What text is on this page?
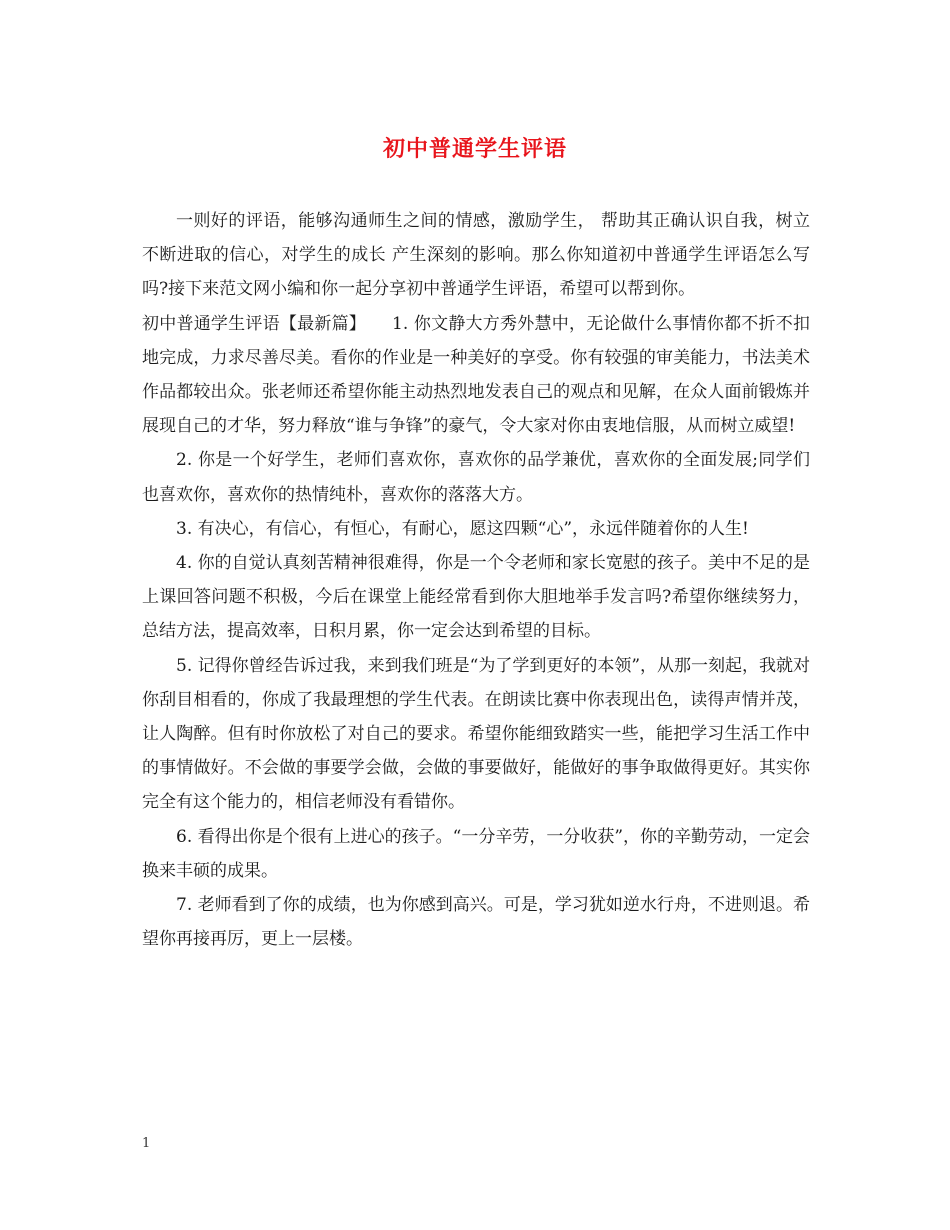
初中普通学生评语

一则好的评语，能够沟通师生之间的情感，激励学生， 帮助其正确认识自我，树立不断进取的信心，对学生的成长 产生深刻的影响。那么你知道初中普通学生评语怎么写吗?接下来范文网小编和你一起分享初中普通学生评语，希望可以帮到你。

初中普通学生评语【最新篇】　　1. 你文静大方秀外慧中，无论做什么事情你都不折不扣地完成，力求尽善尽美。看你的作业是一种美好的享受。你有较强的审美能力，书法美术作品都较出众。张老师还希望你能主动热烈地发表自己的观点和见解，在众人面前锻炼并展现自己的才华，努力释放“谁与争锋”的豪气，令大家对你由衷地信服，从而树立威望!

2. 你是一个好学生，老师们喜欢你，喜欢你的品学兼优，喜欢你的全面发展;同学们也喜欢你，喜欢你的热情纯朴，喜欢你的落落大方。

3. 有决心，有信心，有恒心，有耐心，愿这四颗“心”，永远伴随着你的人生!

4. 你的自觉认真刻苦精神很难得，你是一个令老师和家长宽慰的孩子。美中不足的是上课回答问题不积极，今后在课堂上能经常看到你大胆地举手发言吗?希望你继续努力，总结方法，提高效率，日积月累，你一定会达到希望的目标。

5. 记得你曾经告诉过我，来到我们班是“为了学到更好的本领”，从那一刻起，我就对你刮目相看的，你成了我最理想的学生代表。在朗读比赛中你表现出色，读得声情并茂，让人陶醉。但有时你放松了对自己的要求。希望你能细致踏实一些，能把学习生活工作中的事情做好。不会做的事要学会做，会做的事要做好，能做好的事争取做得更好。其实你完全有这个能力的，相信老师没有看错你。

6. 看得出你是个很有上进心的孩子。“一分辛劳，一分收获”，你的辛勤劳动，一定会换来丰硕的成果。

7. 老师看到了你的成绩，也为你感到高兴。可是，学习犹如逆水行舟，不进则退。希望你再接再厉，更上一层楼。

1
